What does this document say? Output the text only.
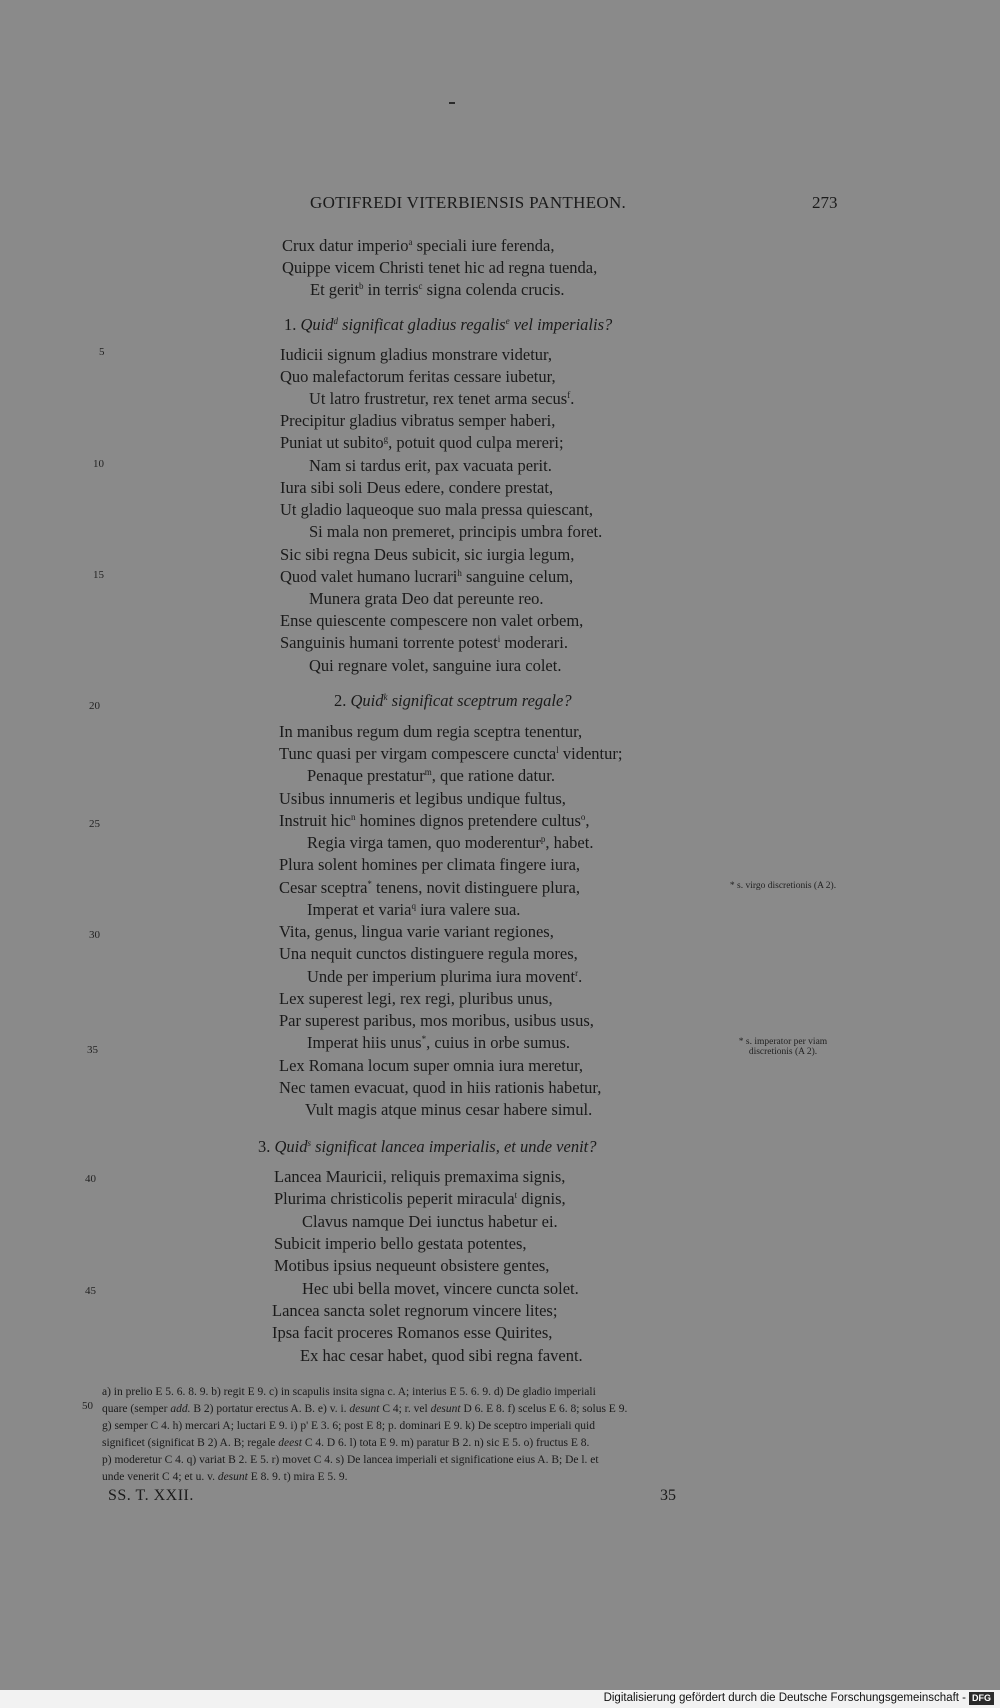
GOTIFREDI VITERBIENSIS PANTHEON.	273
Crux datur imperio$^a$ speciali iure ferenda,
Quippe vicem Christi tenet hic ad regna tuenda,
Et gerit$^b$ in terris$^c$ signa colenda crucis.
1. Quid$^d$ significat gladius regalis$^e$ vel imperialis?
Iudicii signum gladius monstrare videtur,
Quo malefactorum feritas cessare iubetur,
Ut latro frustretur, rex tenet arma secus$^f$.
Precipitur gladius vibratus semper haberi,
Puniat ut subito$^g$, potuit quod culpa mereri;
Nam si tardus erit, pax vacuata perit.
Iura sibi soli Deus edere, condere prestat,
Ut gladio laqueoque suo mala pressa quiescant,
Si mala non premeret, principis umbra foret.
Sic sibi regna Deus subicit, sic iurgia legum,
Quod valet humano lucrari$^h$ sanguine celum,
Munera grata Deo dat pereunte reo.
Ense quiescente compescere non valet orbem,
Sanguinis humani torrente potest$^i$ moderari.
Qui regnare volet, sanguine iura colet.
2. Quid$^k$ significat sceptrum regale?
In manibus regum dum regia sceptra tenentur,
Tunc quasi per virgam compescere cuncta$^l$ videntur;
Penaque prestatur$^m$, que ratione datur.
Usibus innumeris et legibus undique fultus,
Instruit hic$^n$ homines dignos pretendere cultus$^o$,
Regia virga tamen, quo moderentur$^p$, habet.
Plura solent homines per climata fingere iura,
Cesar sceptra* tenens, novit distinguere plura,
Imperat et varia$^q$ iura valere sua.
Vita, genus, lingua varie variant regiones,
Una nequit cunctos distinguere regula mores,
Unde per imperium plurima iura movent$^r$.
Lex superest legi, rex regi, pluribus unus,
Par superest paribus, mos moribus, usibus usus,
Imperat hiis unus*, cuius in orbe sumus.
Lex Romana locum super omnia iura meretur,
Nec tamen evacuat, quod in hiis rationis habetur,
Vult magis atque minus cesar habere simul.
3. Quid$^s$ significat lancea imperialis, et unde venit?
Lancea Mauricii, reliquis premaxima signis,
Plurima christicolis peperit miracula$^t$ dignis,
Clavus namque Dei iunctus habetur ei.
Subicit imperio bello gestata potentes,
Motibus ipsius nequeunt obsistere gentes,
Hec ubi bella movet, vincere cuncta solet.
Lancea sancta solet regnorum vincere lites;
Ipsa facit proceres Romanos esse Quirites,
Ex hac cesar habet, quod sibi regna favent.
5
10
15
20
25
30
35
40
45
50
* s. virgo discretionis (A 2).
* s. imperator per viam discretionis (A 2).
a) in prelio E 5. 6. 8. 9. b) regit E 9. c) in scapulis insita signa c. A; interius E 5. 6. 9. d) De gladio imperiali
quare (semper add. B 2) portatur erectus A. B. e) v. i. desunt C 4; r. vel desunt D 6. E 8. f) scelus E 6. 8; solus E 9.
g) semper C 4. h) mercari A; luctari E 9. i) p' E 3. 6; post E 8; p. dominari E 9. k) De sceptro imperiali quid
significet (significat B 2) A. B; regale deest C 4. D 6. l) tota E 9. m) paratur B 2. n) sic E 5. o) fructus E 8.
p) moderetur C 4. q) variat B 2. E 5. r) movet C 4. s) De lancea imperiali et significatione eius A. B; De l. et
unde venerit C 4; et u. v. desunt E 8. 9. t) mira E 5. 9.
SS. T. XXII.	35
Digitalisierung gefördert durch die Deutsche Forschungsgemeinschaft - DFG
